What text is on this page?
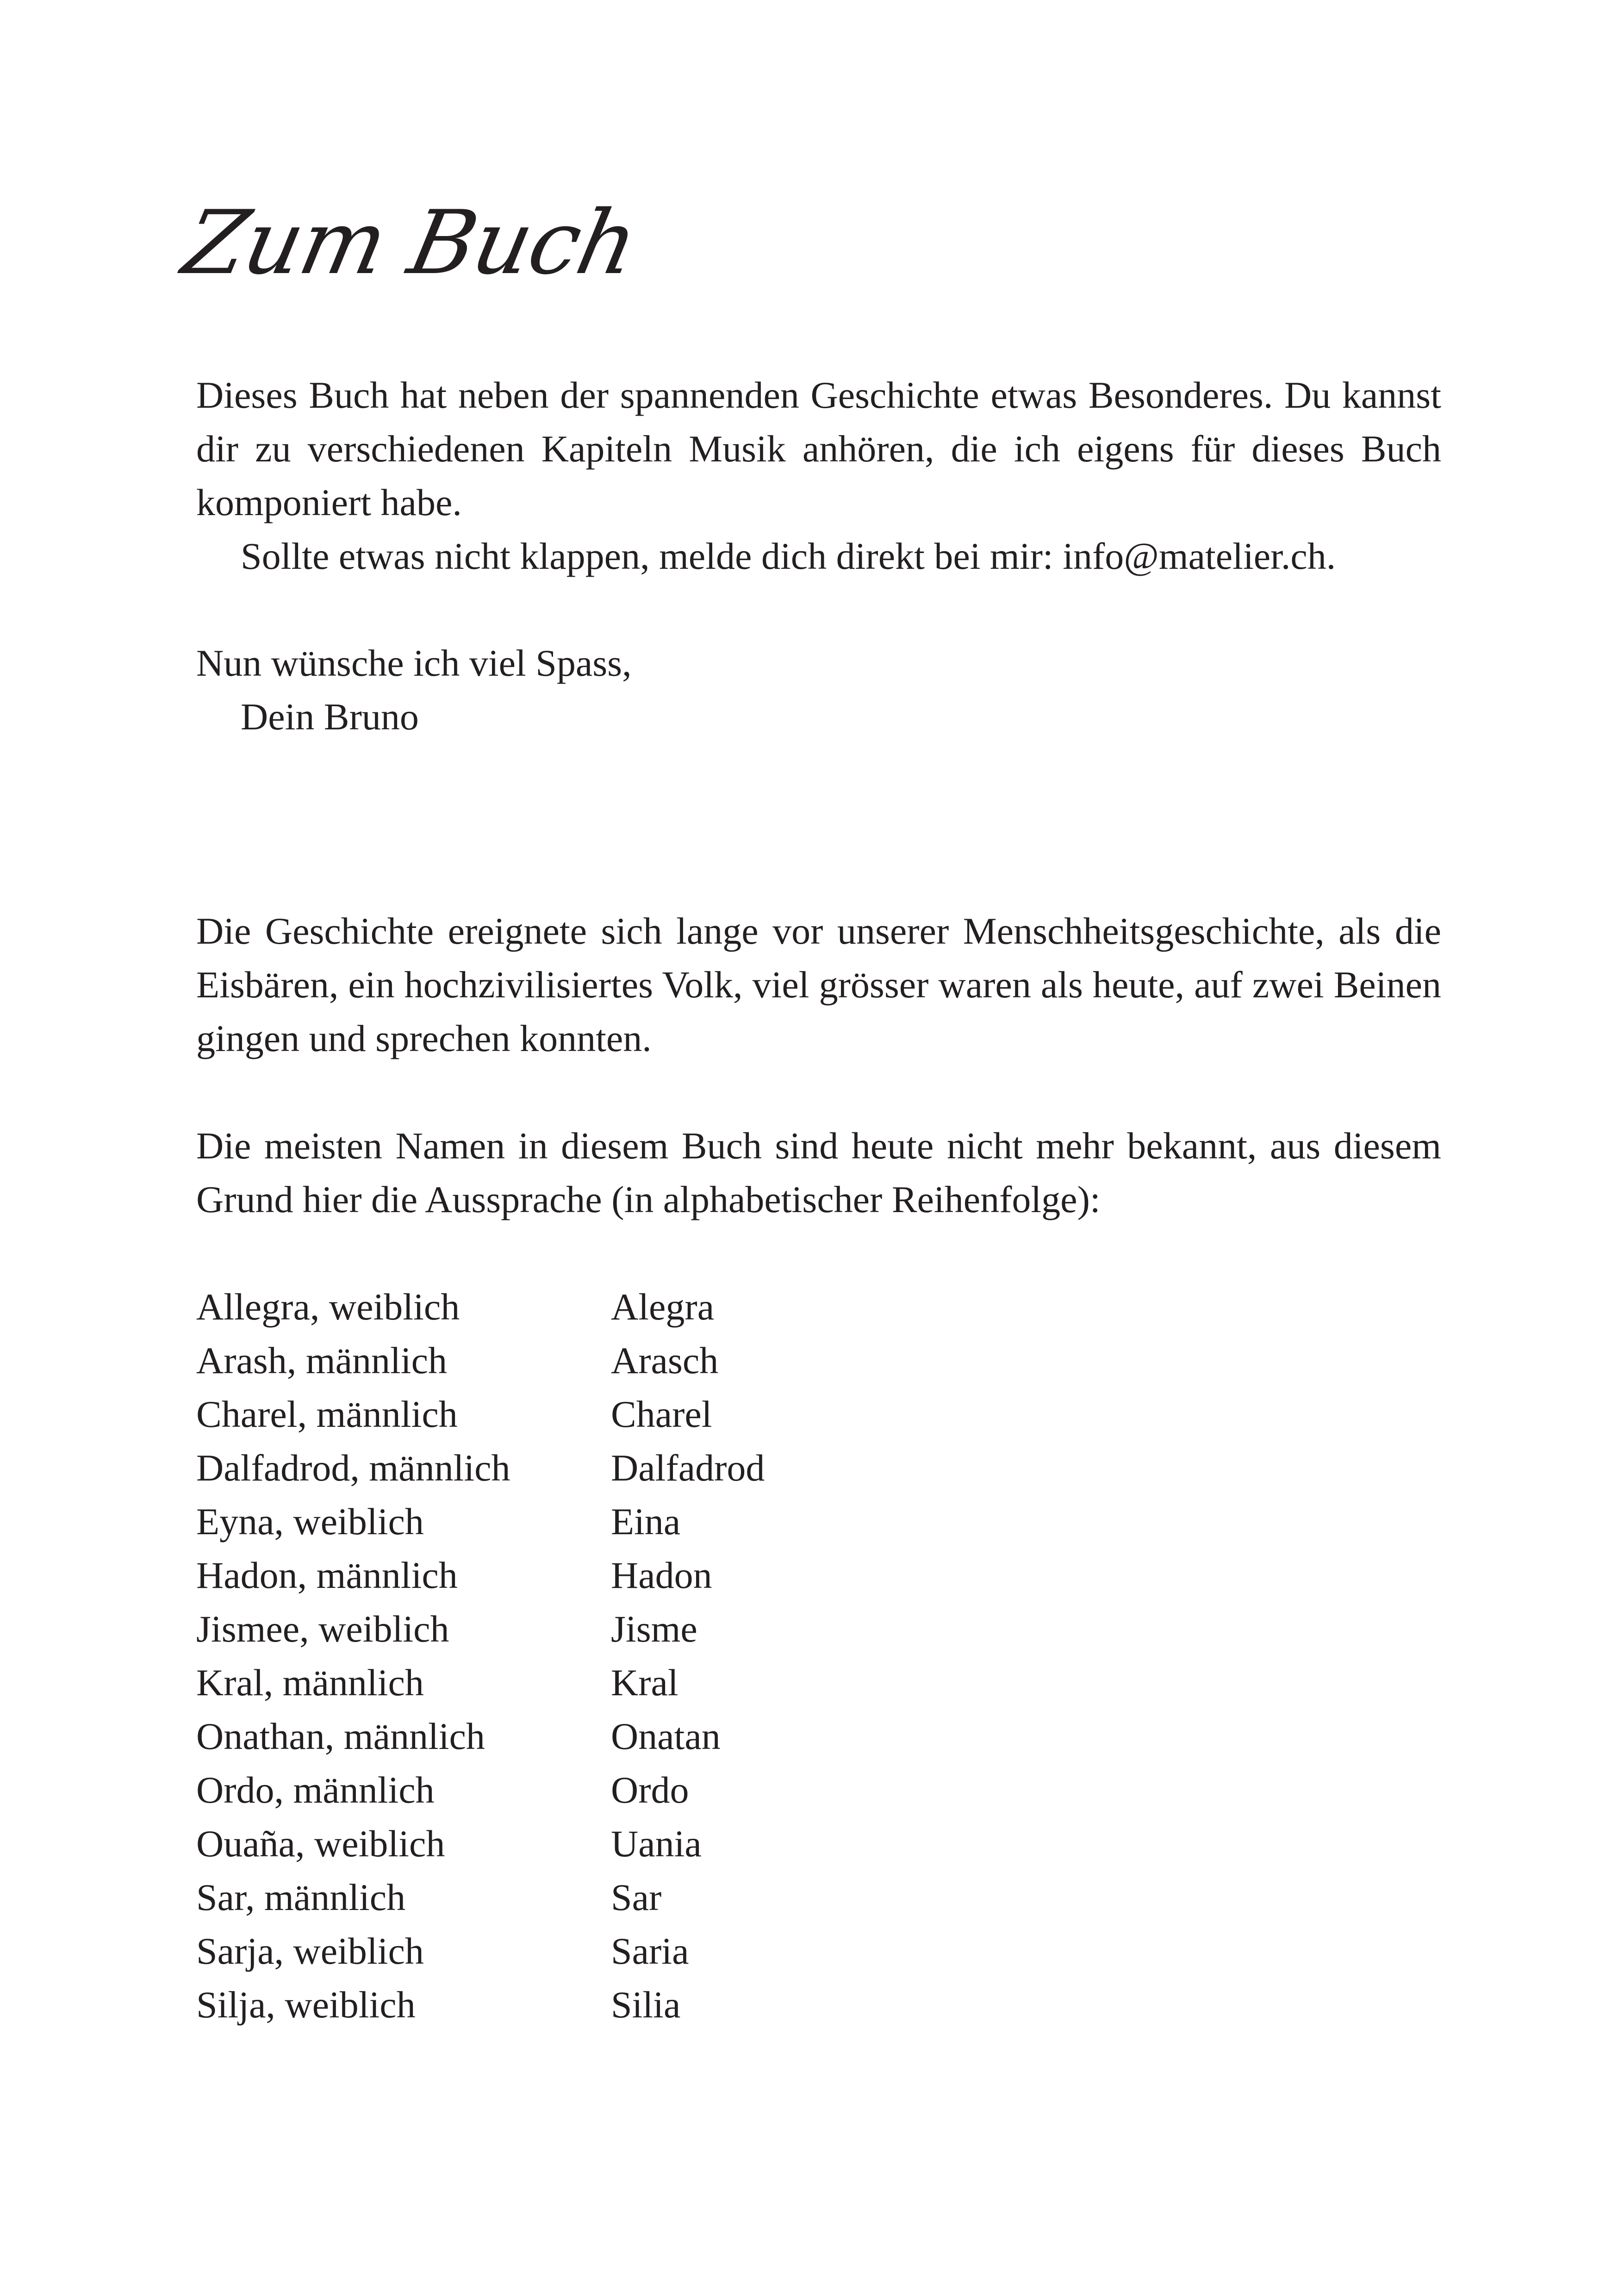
Zum Buch

Dieses Buch hat neben der spannenden Geschichte etwas Besonderes. Du kannst dir zu verschiedenen Kapiteln Musik anhören, die ich eigens für dieses Buch komponiert habe.

Sollte etwas nicht klappen, melde dich direkt bei mir: info@matelier.ch.

Nun wünsche ich viel Spass,

Dein Bruno

Die Geschichte ereignete sich lange vor unserer Menschheitsgeschichte, als die Eisbären, ein hochzivilisiertes Volk, viel grösser waren als heute, auf zwei Beinen gingen und sprechen konnten.

Die meisten Namen in diesem Buch sind heute nicht mehr bekannt, aus diesem Grund hier die Aussprache (in alphabetischer Reihenfolge):

Allegra, weiblich	Alegra
Arash, männlich	Arasch
Charel, männlich	Charel
Dalfadrod, männlich	Dalfadrod
Eyna, weiblich	Eina
Hadon, männlich	Hadon
Jismee, weiblich	Jisme
Kral, männlich	Kral
Onathan, männlich	Onatan
Ordo, männlich	Ordo
Ouaña, weiblich	Uania
Sar, männlich	Sar
Sarja, weiblich	Saria
Silja, weiblich	Silia
